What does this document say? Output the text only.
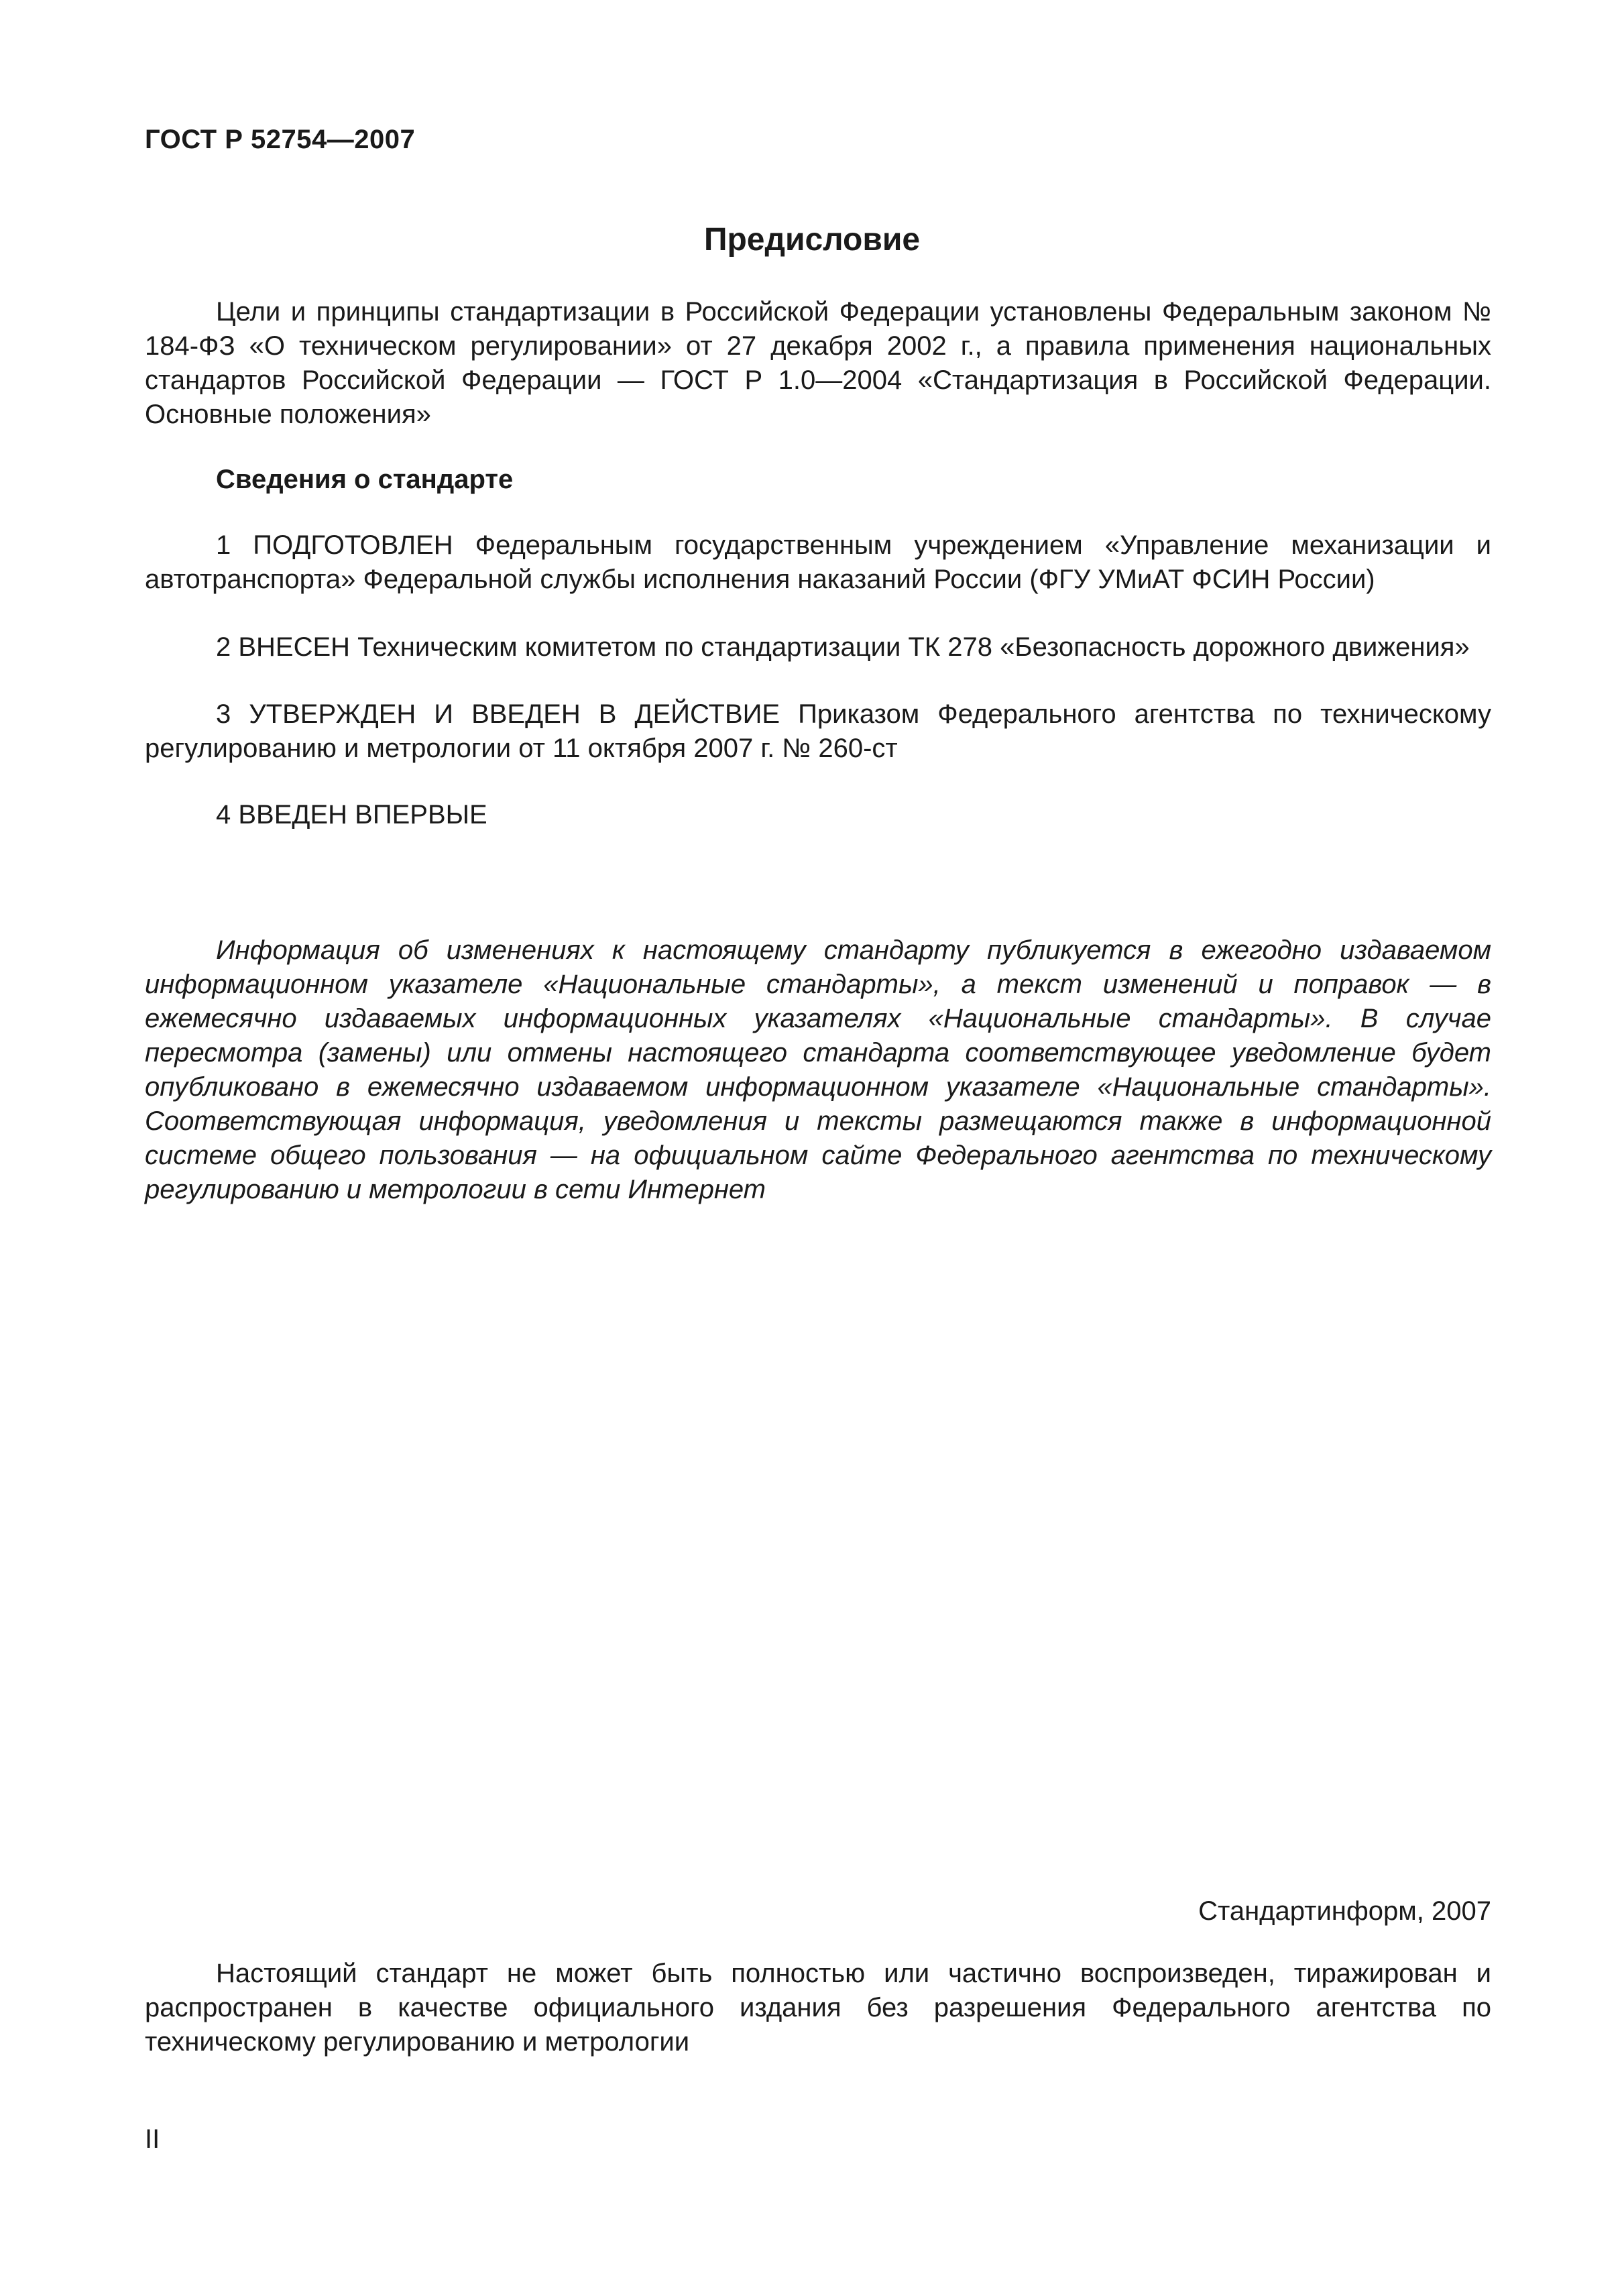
ГОСТ Р 52754—2007
Предисловие

Цели и принципы стандартизации в Российской Федерации установлены Федеральным законом № 184-ФЗ «О техническом регулировании» от 27 декабря 2002 г., а правила применения национальных стандартов Российской Федерации — ГОСТ Р 1.0—2004 «Стандартизация в Российской Федерации. Основные положения»

Сведения о стандарте

1 ПОДГОТОВЛЕН Федеральным государственным учреждением «Управление механизации и автотранспорта» Федеральной службы исполнения наказаний России (ФГУ УМиАТ ФСИН России)

2 ВНЕСЕН Техническим комитетом по стандартизации ТК 278 «Безопасность дорожного движения»

3 УТВЕРЖДЕН И ВВЕДЕН В ДЕЙСТВИЕ Приказом Федерального агентства по техническому регулированию и метрологии от 11 октября 2007 г. № 260-ст

4 ВВЕДЕН ВПЕРВЫЕ

Информация об изменениях к настоящему стандарту публикуется в ежегодно издаваемом информационном указателе «Национальные стандарты», а текст изменений и поправок — в ежемесячно издаваемых информационных указателях «Национальные стандарты». В случае пересмотра (замены) или отмены настоящего стандарта соответствующее уведомление будет опубликовано в ежемесячно издаваемом информационном указателе «Национальные стандарты». Соответствующая информация, уведомления и тексты размещаются также в информационной системе общего пользования — на официальном сайте Федерального агентства по техническому регулированию и метрологии в сети Интернет

Стандартинформ, 2007

Настоящий стандарт не может быть полностью или частично воспроизведен, тиражирован и распространен в качестве официального издания без разрешения Федерального агентства по техническому регулированию и метрологии

II
